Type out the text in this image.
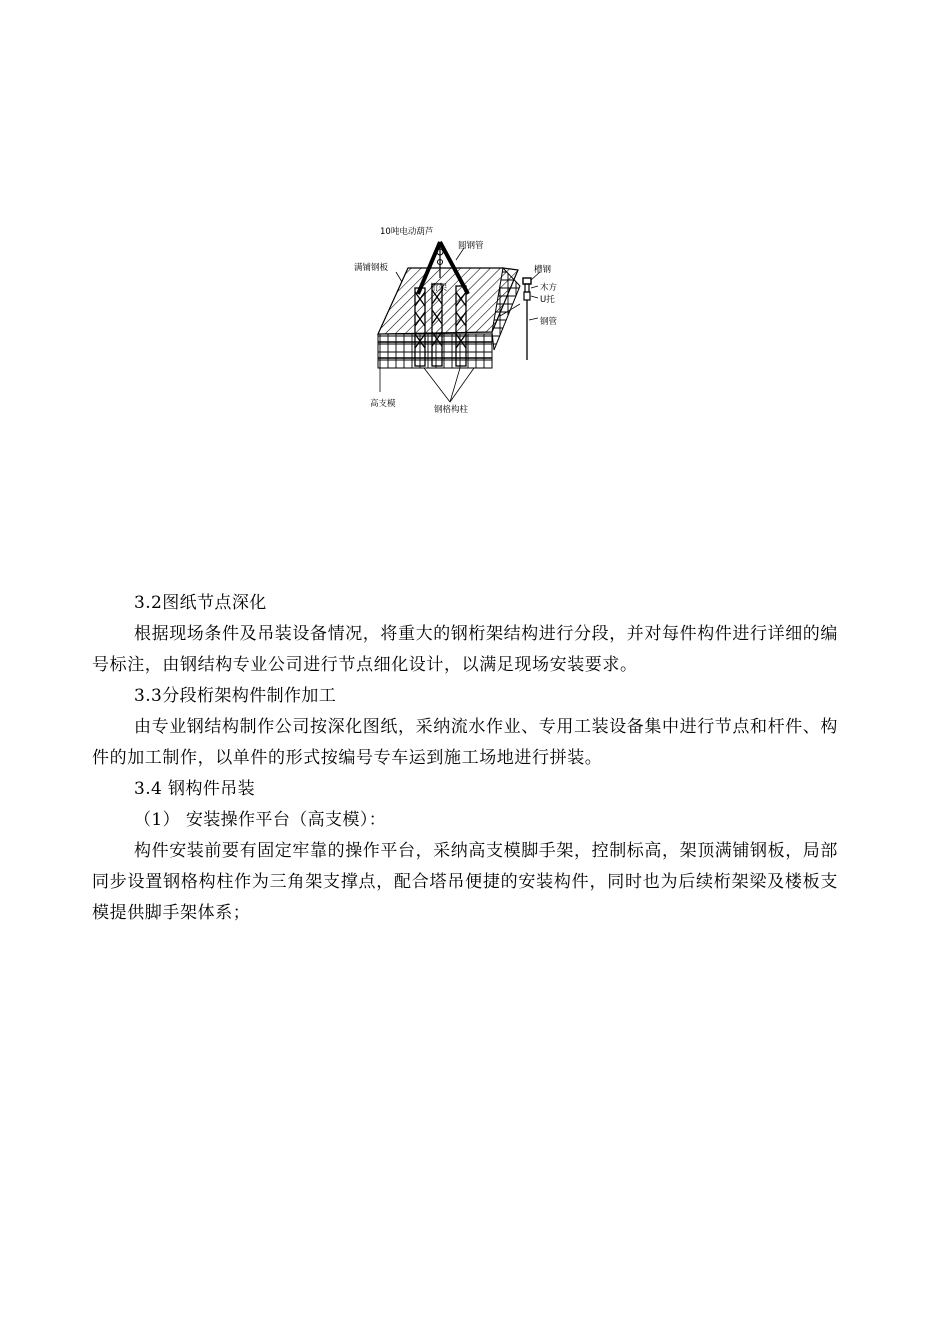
10吨电动葫芦
圆钢管
满铺钢板
桁架
槽钢
木方
U托
钢管
高支模
钢格构柱

3.2图纸节点深化

根据现场条件及吊装设备情况，将重大的钢桁架结构进行分段，并对每件构件进行详细的编号标注，由钢结构专业公司进行节点细化设计，以满足现场安装要求。

3.3分段桁架构件制作加工

由专业钢结构制作公司按深化图纸，采纳流水作业、专用工装设备集中进行节点和杆件、构件的加工制作，以单件的形式按编号专车运到施工场地进行拼装。

3.4 钢构件吊装

（1） 安装操作平台（高支模）：

构件安装前要有固定牢靠的操作平台，采纳高支模脚手架，控制标高，架顶满铺钢板，局部同步设置钢格构柱作为三角架支撑点，配合塔吊便捷的安装构件，同时也为后续桁架梁及楼板支模提供脚手架体系；
